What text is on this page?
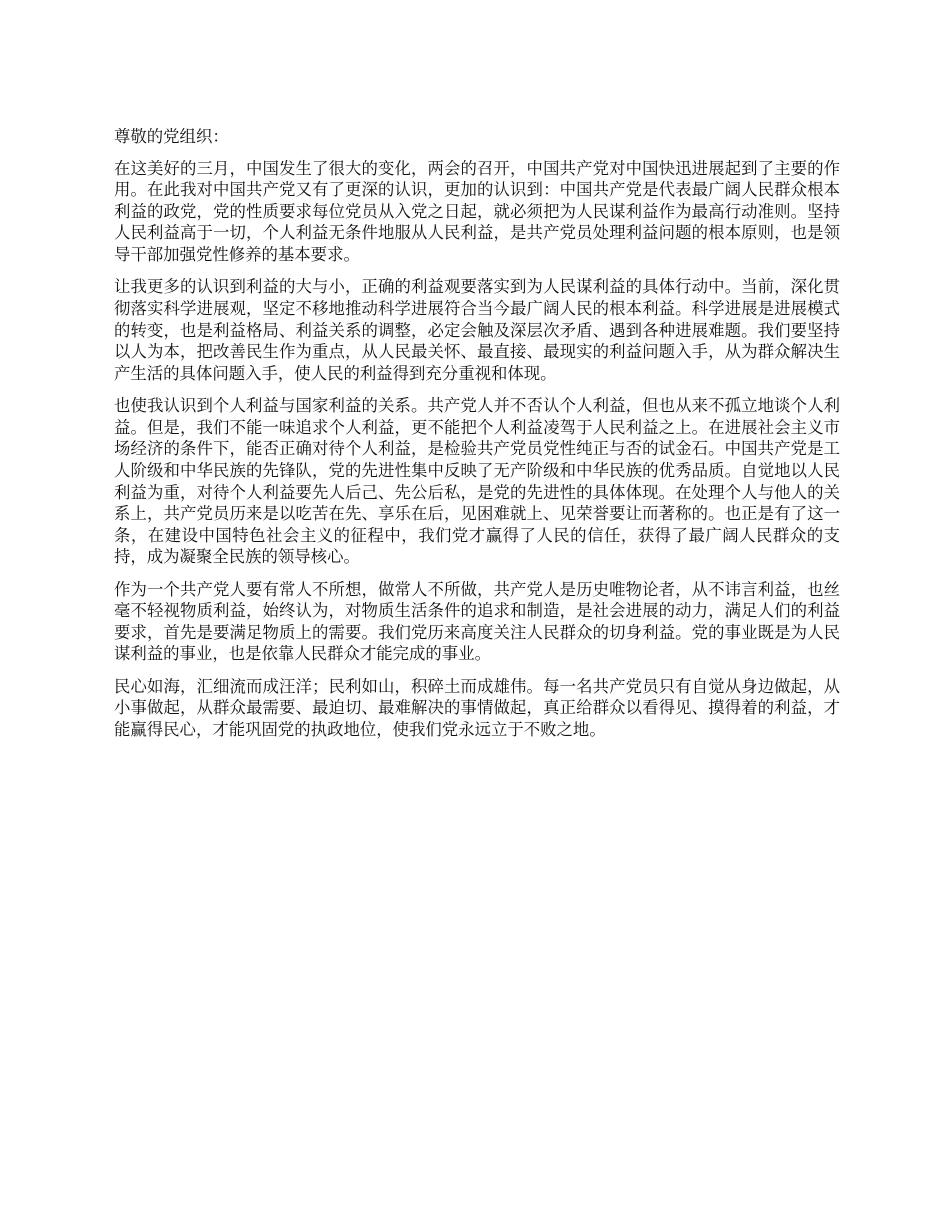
尊敬的党组织：

在这美好的三月，中国发生了很大的变化，两会的召开，中国共产党对中国快迅进展起到了主要的作用。在此我对中国共产党又有了更深的认识，更加的认识到：中国共产党是代表最广阔人民群众根本利益的政党，党的性质要求每位党员从入党之日起，就必须把为人民谋利益作为最高行动准则。坚持人民利益高于一切，个人利益无条件地服从人民利益，是共产党员处理利益问题的根本原则，也是领导干部加强党性修养的基本要求。

让我更多的认识到利益的大与小，正确的利益观要落实到为人民谋利益的具体行动中。当前，深化贯彻落实科学进展观，坚定不移地推动科学进展符合当今最广阔人民的根本利益。科学进展是进展模式的转变，也是利益格局、利益关系的调整，必定会触及深层次矛盾、遇到各种进展难题。我们要坚持以人为本，把改善民生作为重点，从人民最关怀、最直接、最现实的利益问题入手，从为群众解决生产生活的具体问题入手，使人民的利益得到充分重视和体现。

也使我认识到个人利益与国家利益的关系。共产党人并不否认个人利益，但也从来不孤立地谈个人利益。但是，我们不能一味追求个人利益，更不能把个人利益凌驾于人民利益之上。在进展社会主义市场经济的条件下，能否正确对待个人利益，是检验共产党员党性纯正与否的试金石。中国共产党是工人阶级和中华民族的先锋队，党的先进性集中反映了无产阶级和中华民族的优秀品质。自觉地以人民利益为重，对待个人利益要先人后己、先公后私，是党的先进性的具体体现。在处理个人与他人的关系上，共产党员历来是以吃苦在先、享乐在后，见困难就上、见荣誉要让而著称的。也正是有了这一条，在建设中国特色社会主义的征程中，我们党才赢得了人民的信任，获得了最广阔人民群众的支持，成为凝聚全民族的领导核心。

作为一个共产党人要有常人不所想，做常人不所做，共产党人是历史唯物论者，从不讳言利益，也丝毫不轻视物质利益，始终认为，对物质生活条件的追求和制造，是社会进展的动力，满足人们的利益要求，首先是要满足物质上的需要。我们党历来高度关注人民群众的切身利益。党的事业既是为人民谋利益的事业，也是依靠人民群众才能完成的事业。

民心如海，汇细流而成汪洋；民利如山，积碎土而成雄伟。每一名共产党员只有自觉从身边做起，从小事做起，从群众最需要、最迫切、最难解决的事情做起，真正给群众以看得见、摸得着的利益，才能赢得民心，才能巩固党的执政地位，使我们党永远立于不败之地。
